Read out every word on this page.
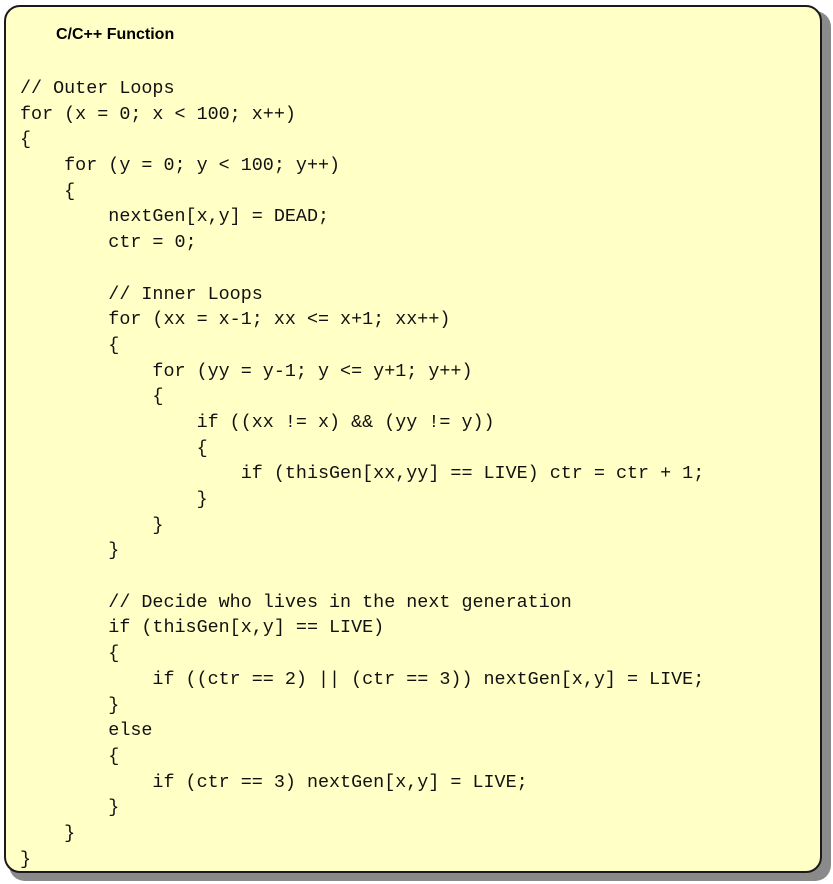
C/C++ Function
// Outer Loops
for (x = 0; x < 100; x++)
{
for (y = 0; y < 100; y++)
{
nextGen[x,y] = DEAD;
ctr = 0;
// Inner Loops
for (xx = x-1; xx <= x+1; xx++)
{
for (yy = y-1; y <= y+1; y++)
{
if ((xx != x) && (yy != y))
{
if (thisGen[xx,yy] == LIVE) ctr = ctr + 1;
}
}
}
// Decide who lives in the next generation
if (thisGen[x,y] == LIVE)
{
if ((ctr == 2) || (ctr == 3)) nextGen[x,y] = LIVE;
}
else
{
if (ctr == 3) nextGen[x,y] = LIVE;
}
}
}
